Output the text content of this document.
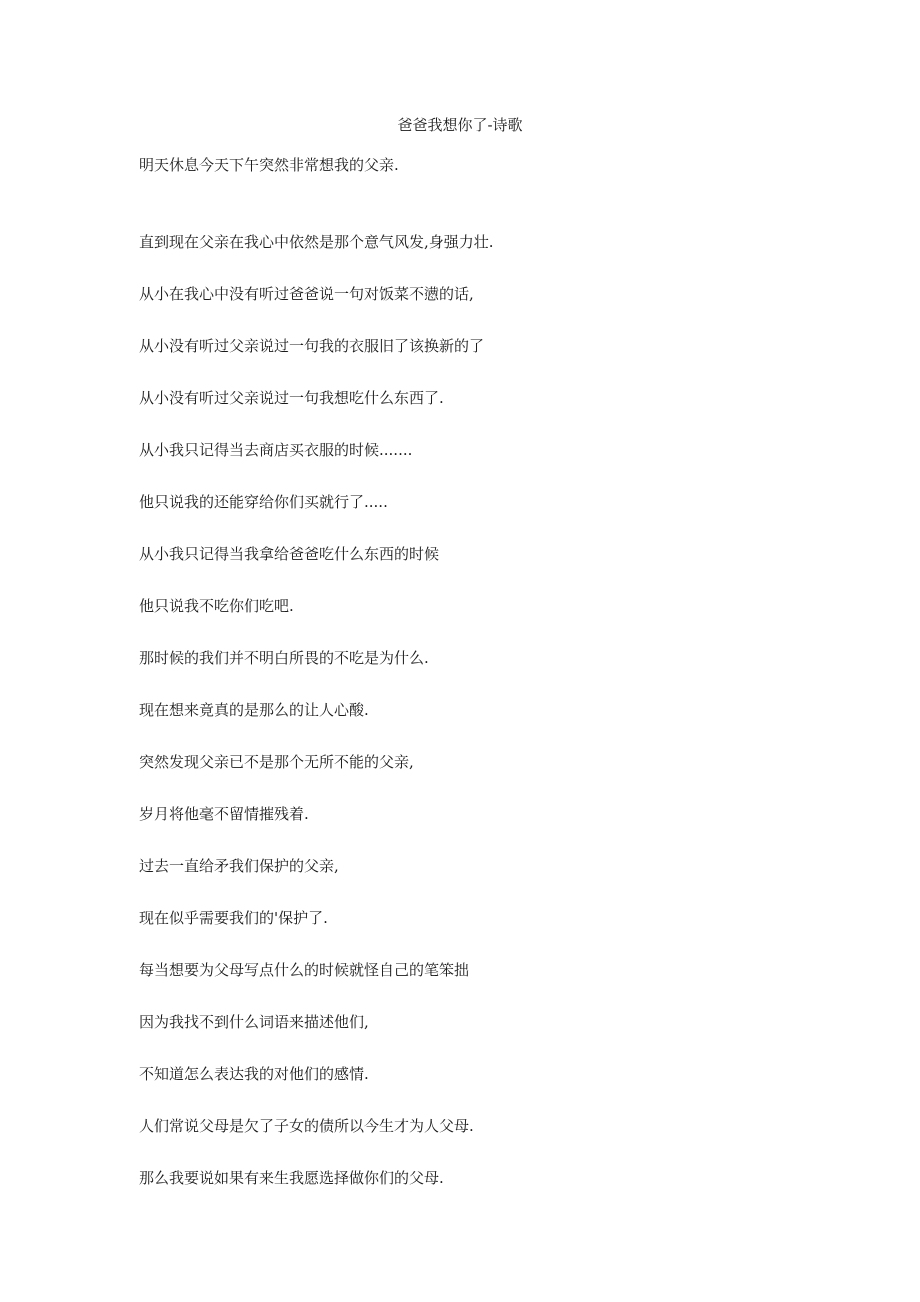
爸爸我想你了-诗歌

明天休息今天下午突然非常想我的父亲.

直到现在父亲在我心中依然是那个意气风发,身强力壮.

从小在我心中没有听过爸爸说一句对饭菜不懑的话,

从小没有听过父亲说过一句我的衣服旧了该换新的了

从小没有听过父亲说过一句我想吃什么东西了.

从小我只记得当去商店买衣服的时候.......

他只说我的还能穿给你们买就行了.....

从小我只记得当我拿给爸爸吃什么东西的时候

他只说我不吃你们吃吧.

那时候的我们并不明白所畏的不吃是为什么.

现在想来竟真的是那么的让人心酸.

突然发现父亲已不是那个无所不能的父亲,

岁月将他毫不留情摧残着.

过去一直给矛我们保护的父亲,

现在似乎需要我们的'保护了.

每当想要为父母写点什么的时候就怪自己的笔笨拙

因为我找不到什么词语来描述他们,

不知道怎么表达我的对他们的感情.

人们常说父母是欠了子女的债所以今生才为人父母.

那么我要说如果有来生我愿选择做你们的父母.
